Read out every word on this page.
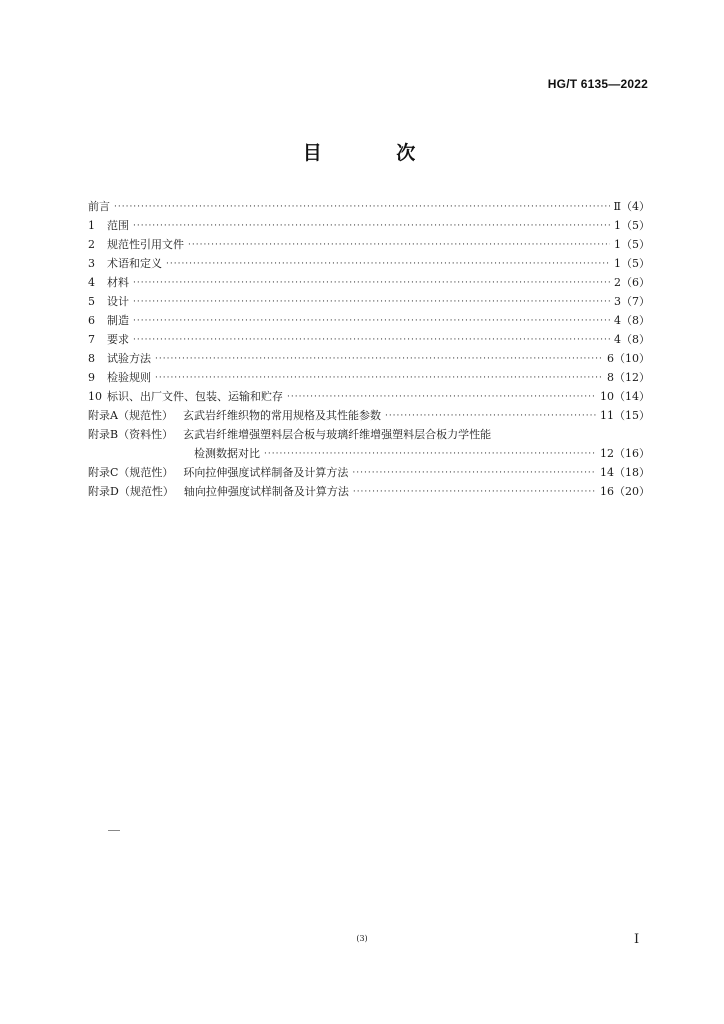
HG/T 6135—2022
目 次
前言 ·····	Ⅱ（4）
1 范围 ·····	1（5）
2 规范性引用文件 ·····	1（5）
3 术语和定义 ·····	1（5）
4 材料 ·····	2（6）
5 设计 ·····	3（7）
6 制造 ·····	4（8）
7 要求 ·····	4（8）
8 试验方法 ·····	6（10）
9 检验规则 ·····	8（12）
10 标识、出厂文件、包装、运输和贮存 ·····	10（14）
附录A（规范性） 玄武岩纤维织物的常用规格及其性能参数 ·····	11（15）
附录B（资料性） 玄武岩纤维增强塑料层合板与玻璃纤维增强塑料层合板力学性能
检测数据对比 ·····	12（16）
附录C（规范性） 环向拉伸强度试样制备及计算方法 ·····	14（18）
附录D（规范性） 轴向拉伸强度试样制备及计算方法 ·····	16（20）
(3)	I
